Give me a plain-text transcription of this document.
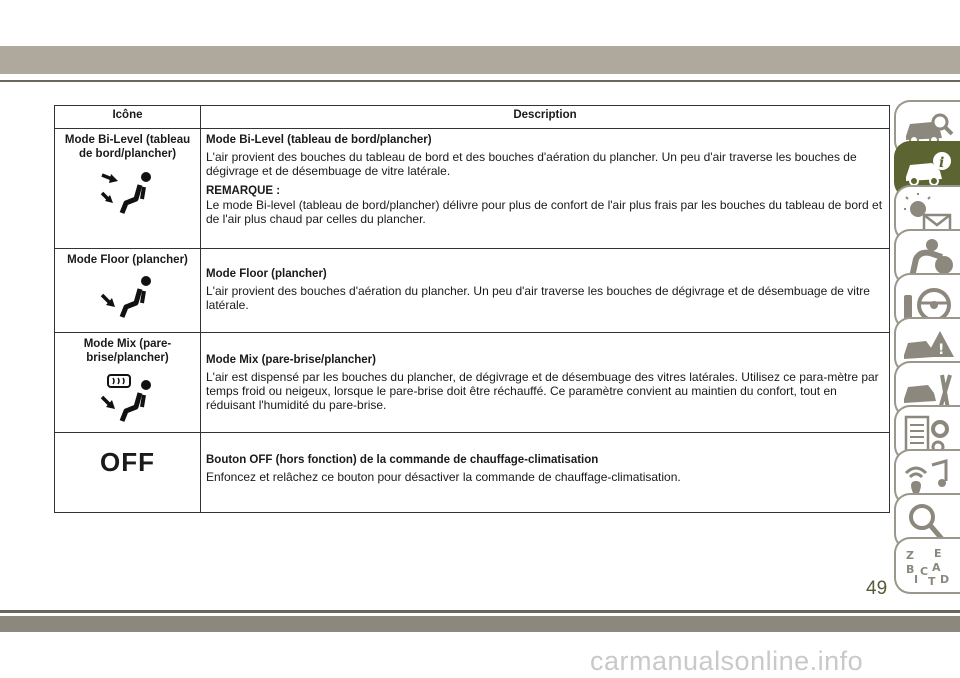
Icône	Description

Mode Bi-Level (tableau de bord/plancher)	Mode Bi-Level (tableau de bord/plancher)
L'air provient des bouches du tableau de bord et des bouches d'aération du plancher. Un peu d'air traverse les bouches de dégivrage et de désembuage de vitre latérale.
REMARQUE :
Le mode Bi-level (tableau de bord/plancher) délivre pour plus de confort de l'air plus frais par les bouches du tableau de bord et de l'air plus chaud par celles du plancher.

Mode Floor (plancher)	Mode Floor (plancher)
L'air provient des bouches d'aération du plancher. Un peu d'air traverse les bouches de dégivrage et de désembuage de vitre latérale.

Mode Mix (pare-brise/plancher)	Mode Mix (pare-brise/plancher)
L'air est dispensé par les bouches du plancher, de dégivrage et de désembuage des vitres latérales. Utilisez ce para-mètre par temps froid ou neigeux, lorsque le pare-brise doit être réchauffé. Ce paramètre convient au maintien du confort, tout en réduisant l'humidité du pare-brise.

OFF	Bouton OFF (hors fonction) de la commande de chauffage-climatisation
Enfoncez et relâchez ce bouton pour désactiver la commande de chauffage-climatisation.
i
!
Z E
B A
I
C
D
T
49
carmanualsonline.info
